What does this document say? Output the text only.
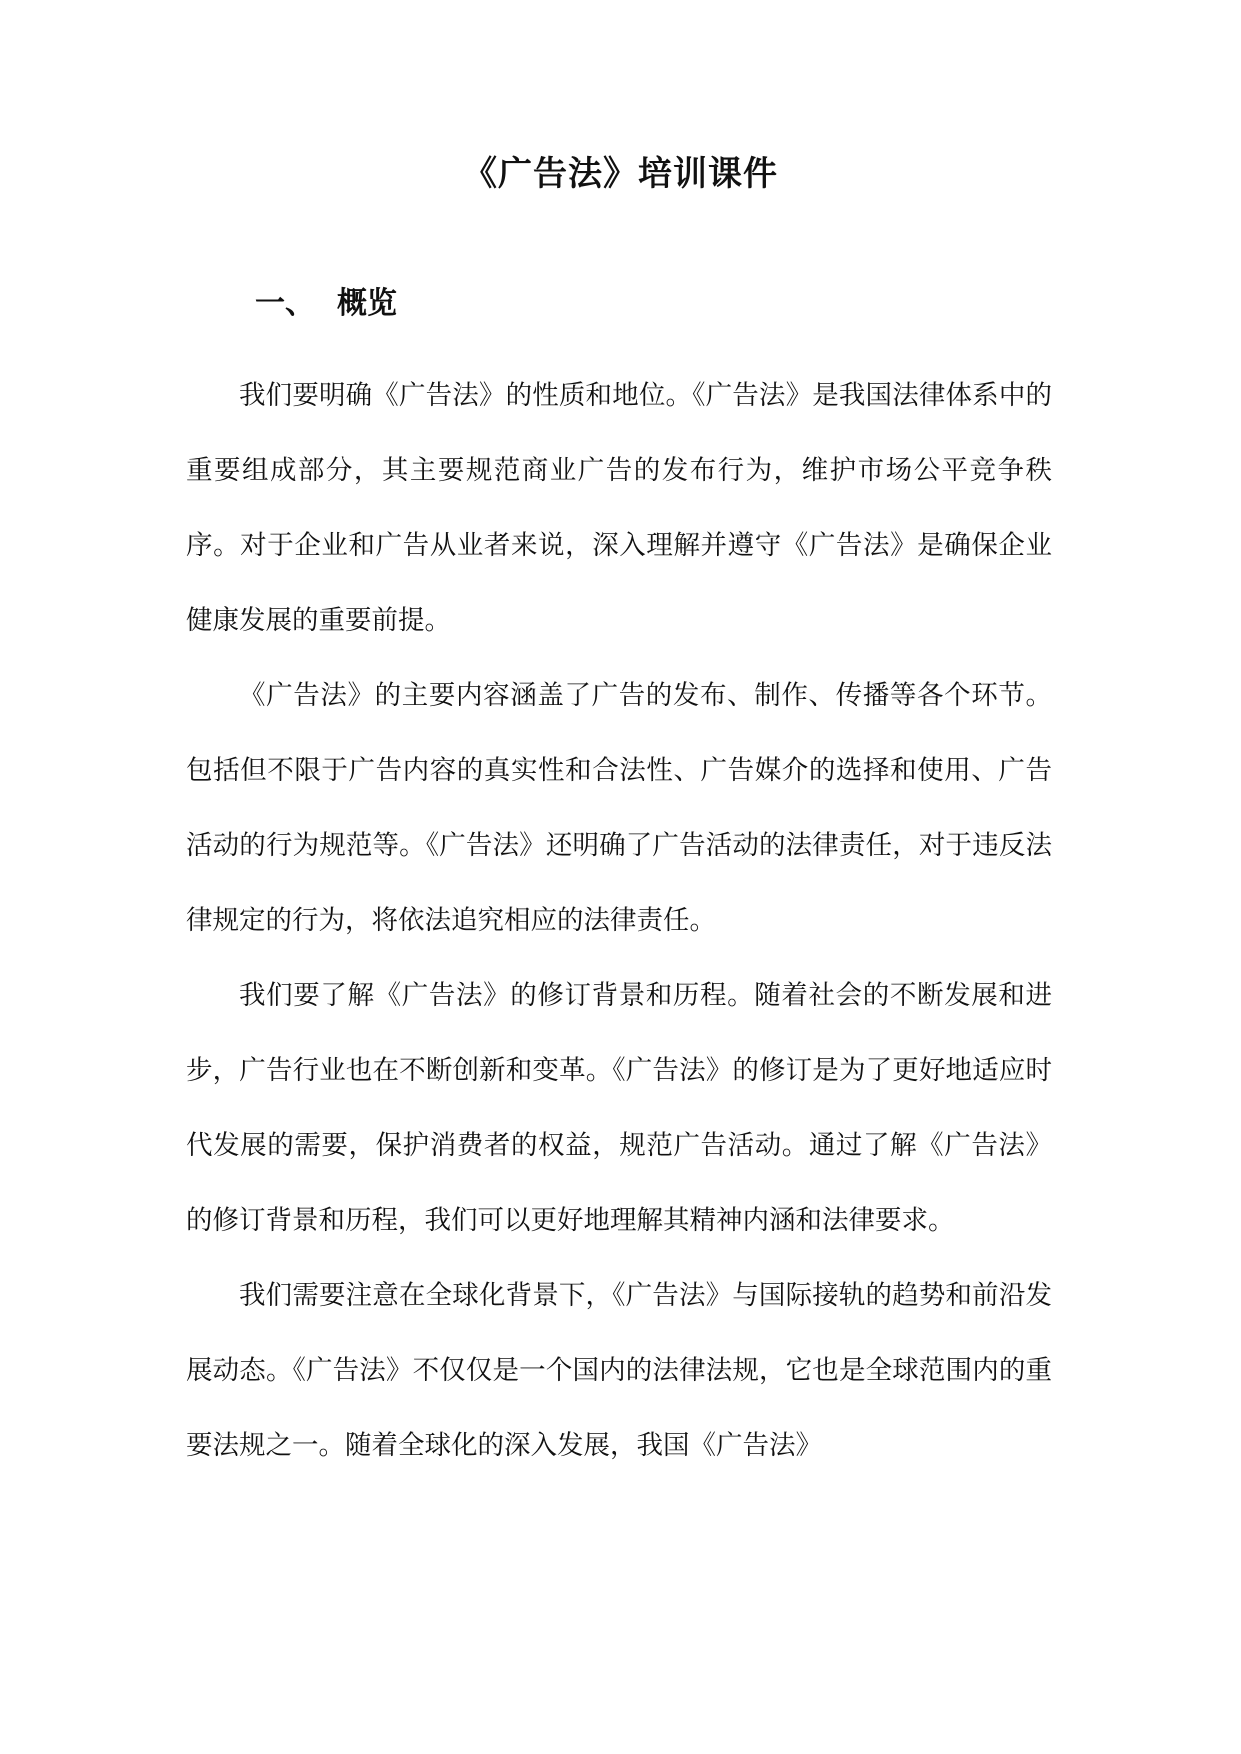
《广告法》培训课件
一、 概览

我们要明确《广告法》的性质和地位。《广告法》是我国法律体系中的重要组成部分，其主要规范商业广告的发布行为，维护市场公平竞争秩序。对于企业和广告从业者来说，深入理解并遵守《广告法》是确保企业健康发展的重要前提。

《广告法》的主要内容涵盖了广告的发布、制作、传播等各个环节。包括但不限于广告内容的真实性和合法性、广告媒介的选择和使用、广告活动的行为规范等。《广告法》还明确了广告活动的法律责任，对于违反法律规定的行为，将依法追究相应的法律责任。

我们要了解《广告法》的修订背景和历程。随着社会的不断发展和进步，广告行业也在不断创新和变革。《广告法》的修订是为了更好地适应时代发展的需要，保护消费者的权益，规范广告活动。通过了解《广告法》的修订背景和历程，我们可以更好地理解其精神内涵和法律要求。

我们需要注意在全球化背景下，《广告法》与国际接轨的趋势和前沿发展动态。《广告法》不仅仅是一个国内的法律法规，它也是全球范围内的重要法规之一。随着全球化的深入发展，我国《广告法》
